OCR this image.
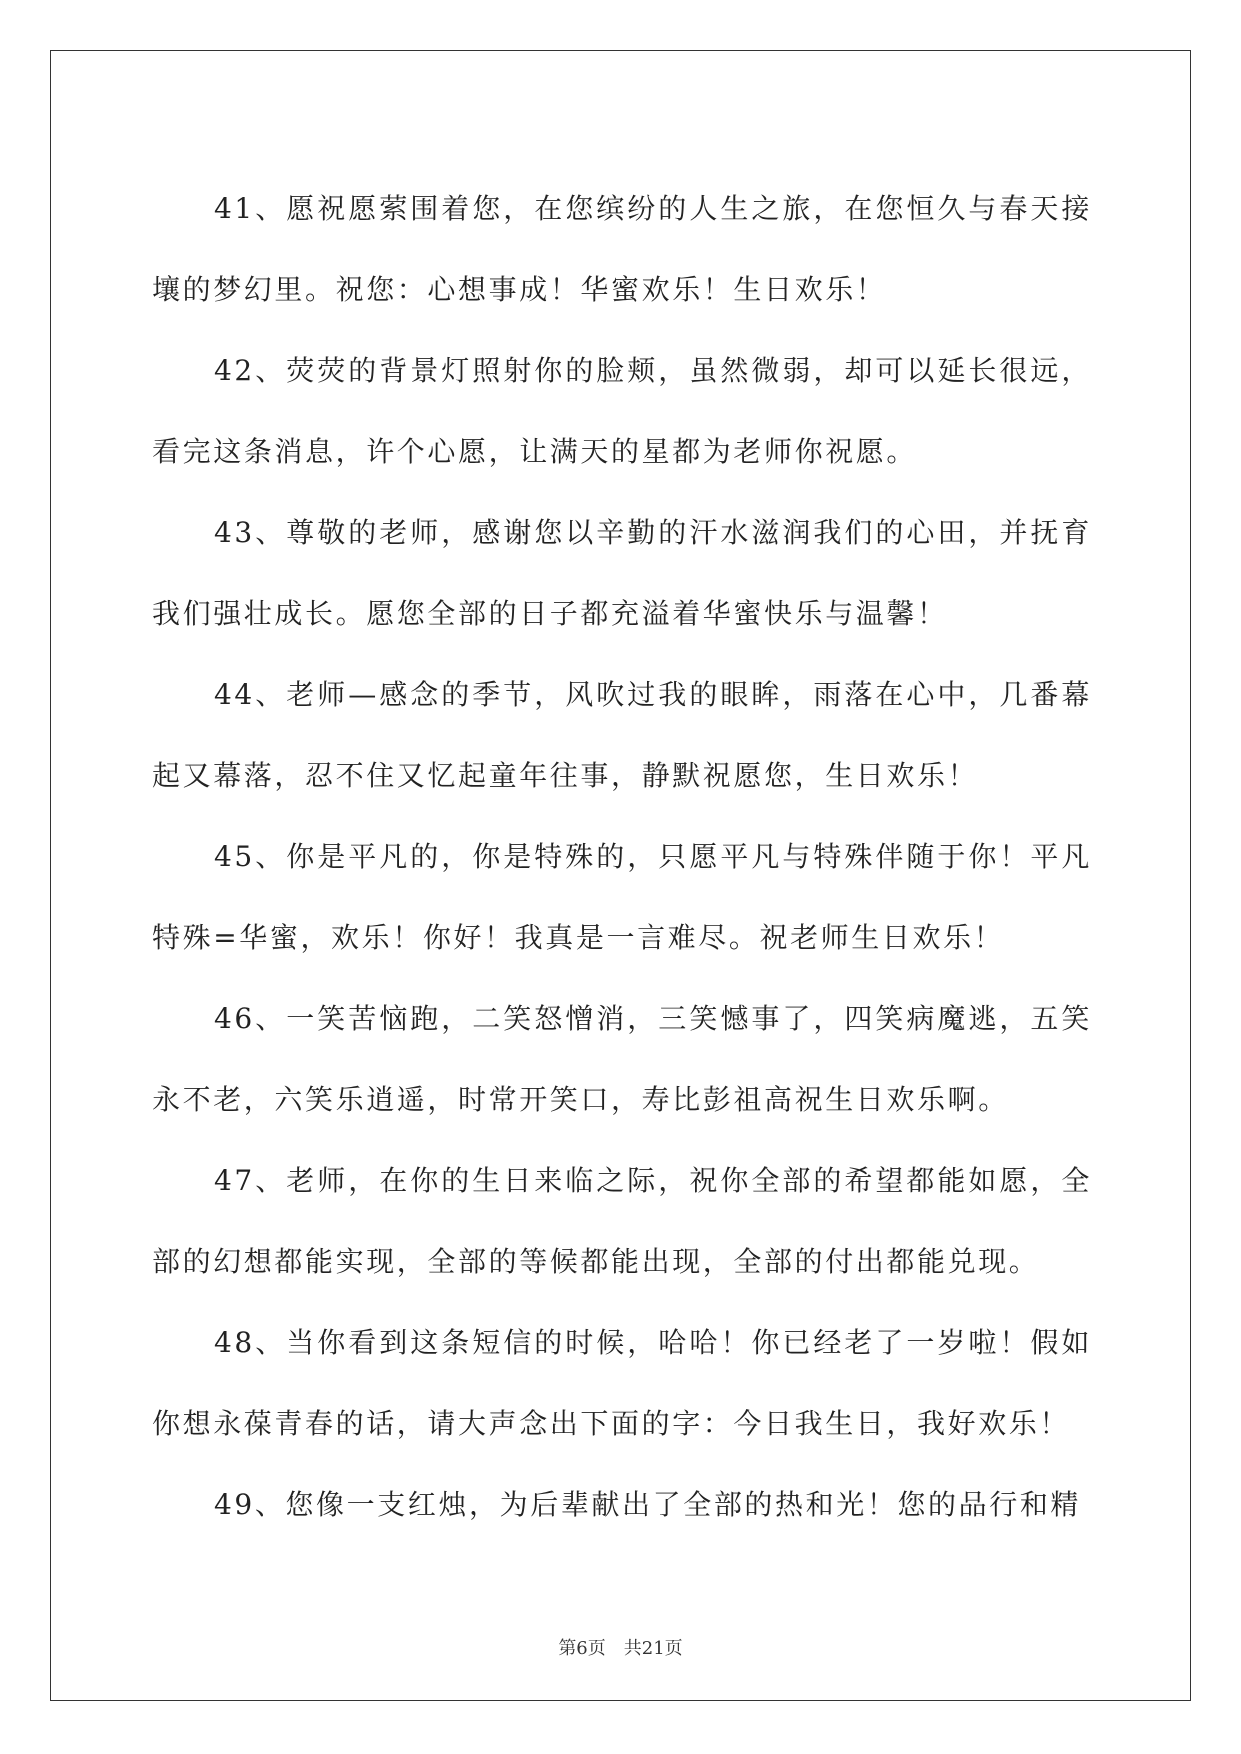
41、愿祝愿萦围着您，在您缤纷的人生之旅，在您恒久与春天接壤的梦幻里。祝您：心想事成！华蜜欢乐！生日欢乐！

42、荧荧的背景灯照射你的脸颊，虽然微弱，却可以延长很远，看完这条消息，许个心愿，让满天的星都为老师你祝愿。

43、尊敬的老师，感谢您以辛勤的汗水滋润我们的心田，并抚育我们强壮成长。愿您全部的日子都充溢着华蜜快乐与温馨！

44、老师—感念的季节，风吹过我的眼眸，雨落在心中，几番幕起又幕落，忍不住又忆起童年往事，静默祝愿您，生日欢乐！

45、你是平凡的，你是特殊的，只愿平凡与特殊伴随于你！平凡特殊=华蜜，欢乐！你好！我真是一言难尽。祝老师生日欢乐！

46、一笑苦恼跑，二笑怒憎消，三笑憾事了，四笑病魔逃，五笑永不老，六笑乐逍遥，时常开笑口，寿比彭祖高祝生日欢乐啊。

47、老师，在你的生日来临之际，祝你全部的希望都能如愿，全部的幻想都能实现，全部的等候都能出现，全部的付出都能兑现。

48、当你看到这条短信的时候，哈哈！你已经老了一岁啦！假如你想永葆青春的话，请大声念出下面的字：今日我生日，我好欢乐！

49、您像一支红烛，为后辈献出了全部的热和光！您的品行和精

第6页 共21页
